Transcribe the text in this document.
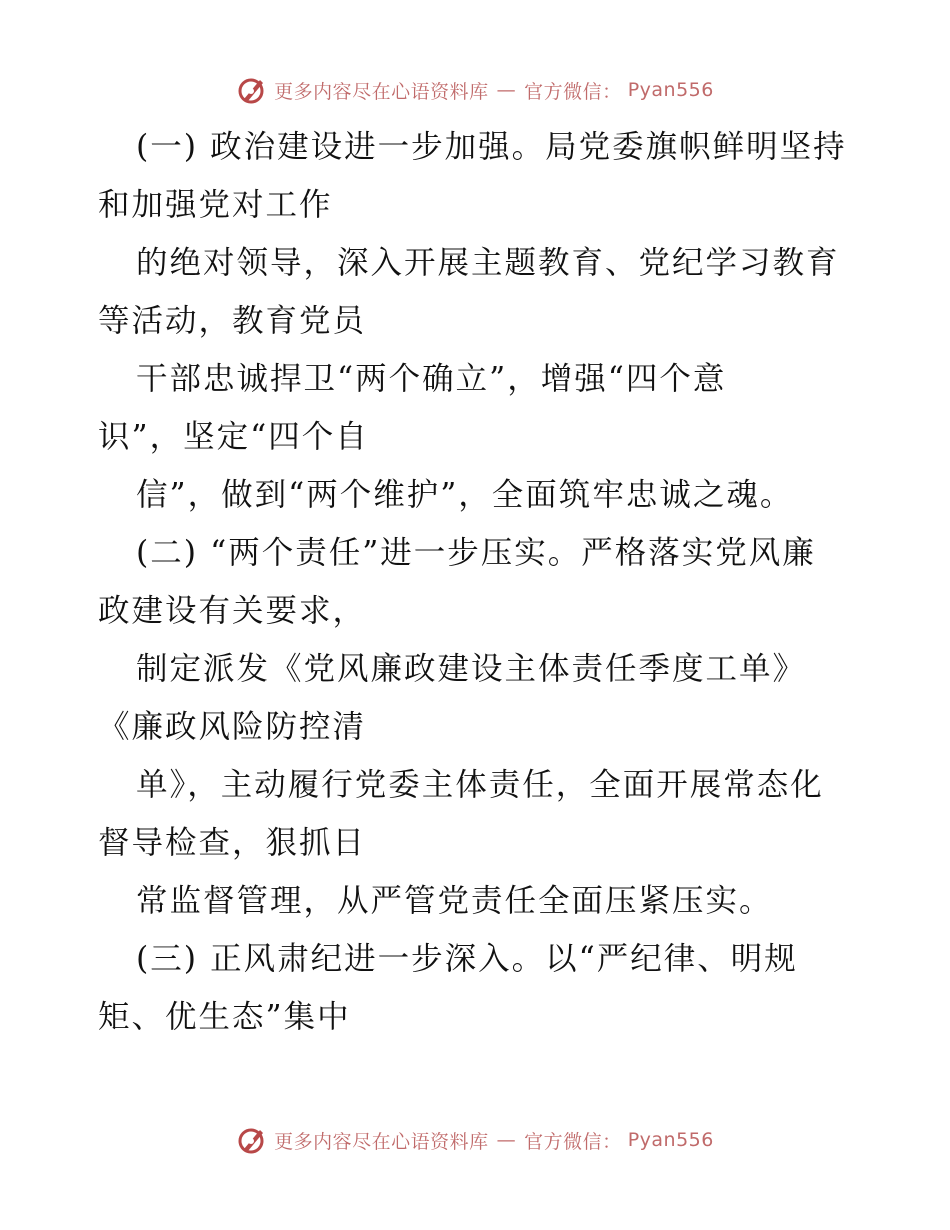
更多内容尽在心语资料库 — 官方微信： Pyan556

(一) 政治建设进一步加强。局党委旗帜鲜明坚持

和加强党对工作

的绝对领导，深入开展主题教育、党纪学习教育

等活动，教育党员

干部忠诚捍卫“两个确立”，增强“四个意

识”，坚定“四个自

信”，做到“两个维护”，全面筑牢忠诚之魂。

(二) “两个责任”进一步压实。严格落实党风廉

政建设有关要求，

制定派发《党风廉政建设主体责任季度工单》

《廉政风险防控清

单》，主动履行党委主体责任，全面开展常态化

督导检查，狠抓日

常监督管理，从严管党责任全面压紧压实。

(三) 正风肃纪进一步深入。以“严纪律、明规

矩、优生态”集中

更多内容尽在心语资料库 — 官方微信： Pyan556
